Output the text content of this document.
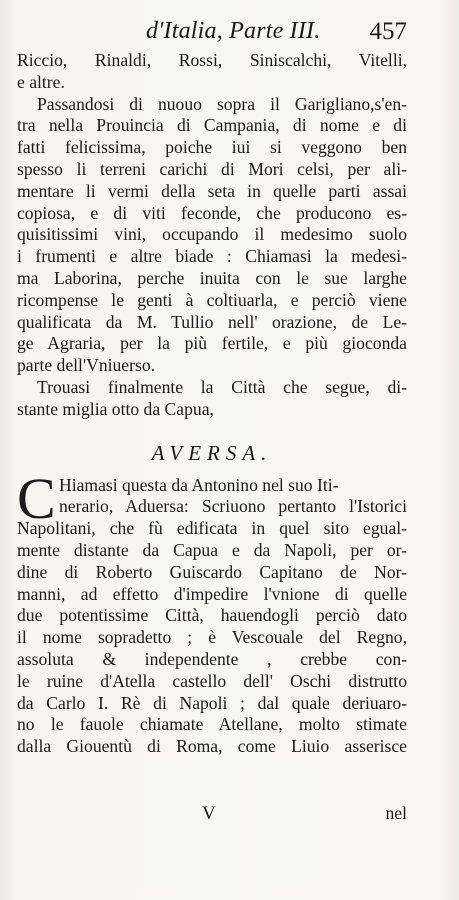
d'Italia, Parte III. 457
Riccio, Rinaldi, Rossi, Siniscalchi, Vitelli,
e altre.
Passandosi di nuouo sopra il Garigliano,s'en-
tra nella Prouincia di Campania, di nome e di
fatti felicissima, poiche iui si veggono ben
spesso li terreni carichi di Mori celsi, per ali-
mentare li vermi della seta in quelle parti assai
copiosa, e di viti feconde, che producono es-
quisitissimi vini, occupando il medesimo suolo
i frumenti e altre biade : Chiamasi la medesi-
ma Laborina, perche inuita con le sue larghe
ricompense le genti à coltiuarla, e perciò viene
qualificata da M. Tullio nell' orazione, de Le-
ge Agraria, per la più fertile, e più gioconda
parte dell'Vniuerso.
Trouasi finalmente la Città che segue, di-
stante miglia otto da Capua,
AVERSA.
C Hiamasi questa da Antonino nel suo Iti-
nerario, Aduersa: Scriuono pertanto l'Istorici
Napolitani, che fù edificata in quel sito egual-
mente distante da Capua e da Napoli, per or-
dine di Roberto Guiscardo Capitano de Nor-
manni, ad effetto d'impedire l'vnione di quelle
due potentissime Città, hauendogli perciò dato
il nome sopradetto ; è Vescouale del Regno,
assoluta & independente , crebbe con-
le ruine d'Atella castello dell' Oschi distrutto
da Carlo I. Rè di Napoli ; dal quale deriuaro-
no le fauole chiamate Atellane, molto stimate
dalla Giouentù di Roma, come Liuio asserisce
V	nel
